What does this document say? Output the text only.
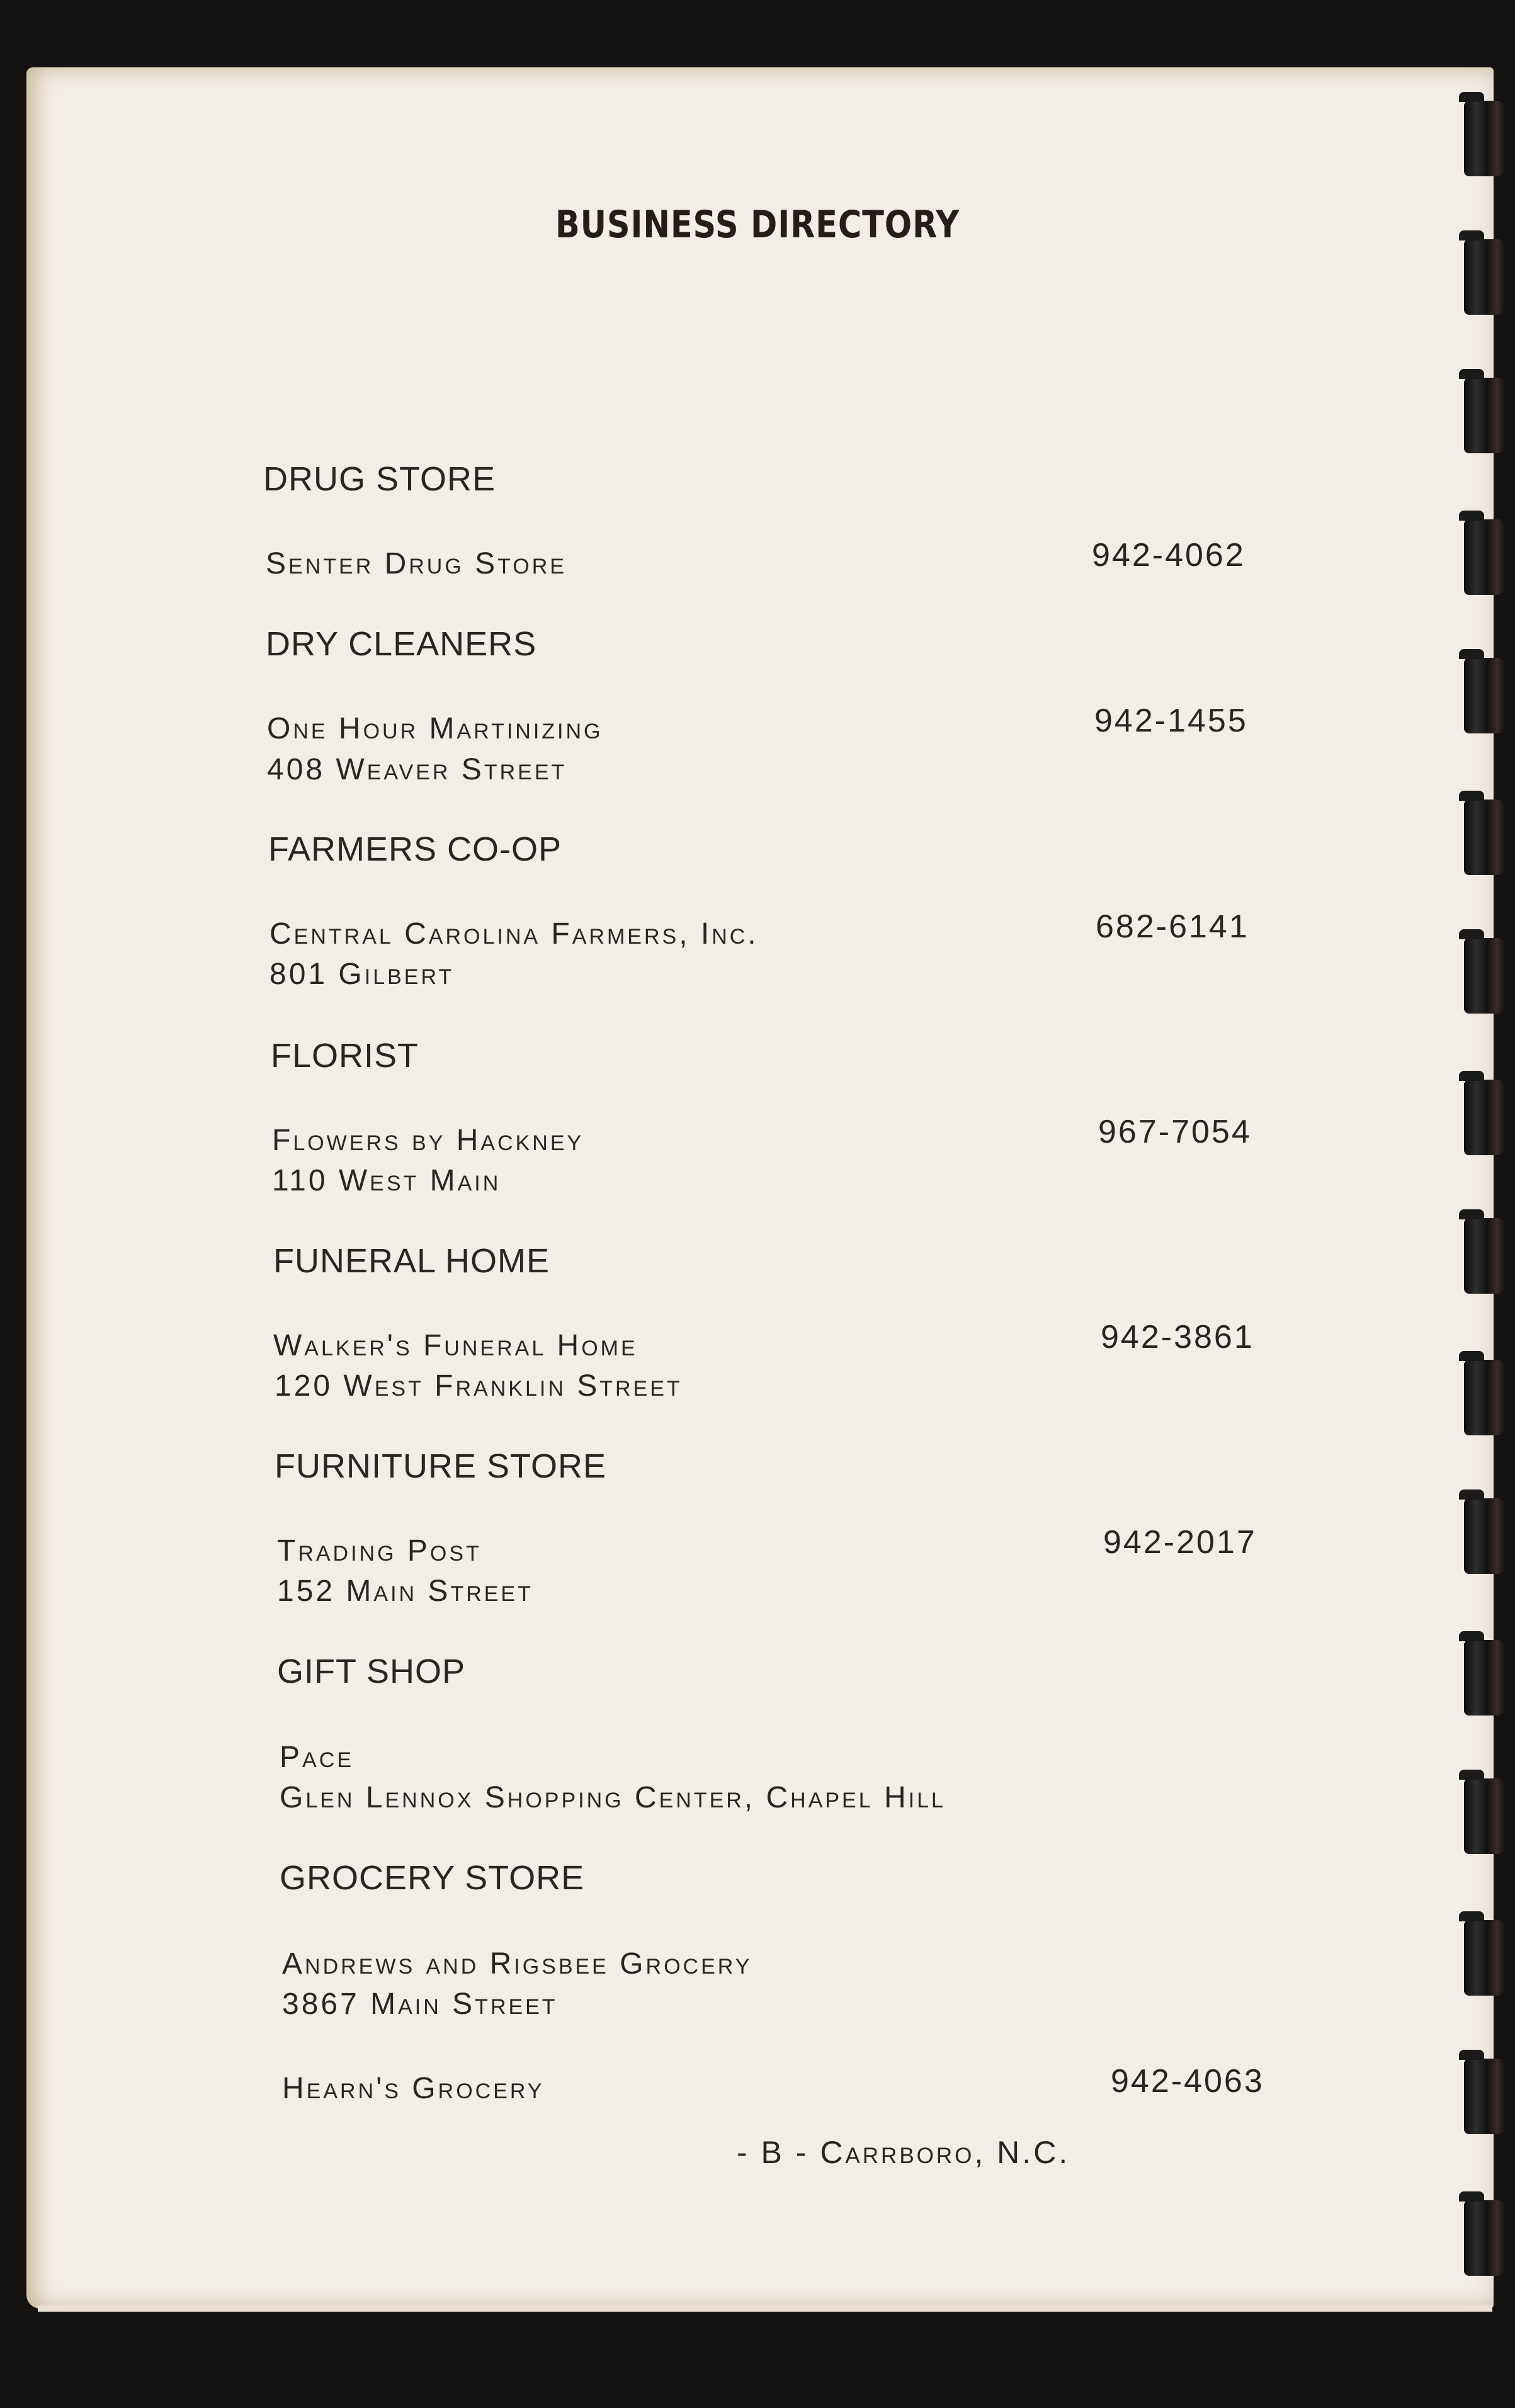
BUSINESS DIRECTORY
DRUG STORE
Senter Drug Store	942-4062
DRY CLEANERS
One Hour Martinizing
408 Weaver Street
942-1455
FARMERS CO-OP
Central Carolina Farmers, Inc.
801 Gilbert
682-6141
FLORIST
Flowers by Hackney
110 West Main
967-7054
FUNERAL HOME
Walker's Funeral Home
120 West Franklin Street
942-3861
FURNITURE STORE
Trading Post
152 Main Street
942-2017
GIFT SHOP
Pace
Glen Lennox Shopping Center, Chapel Hill
GROCERY STORE
Andrews and Rigsbee Grocery
3867 Main Street
Hearn's Grocery	942-4063
- B - Carrboro, N.C.
